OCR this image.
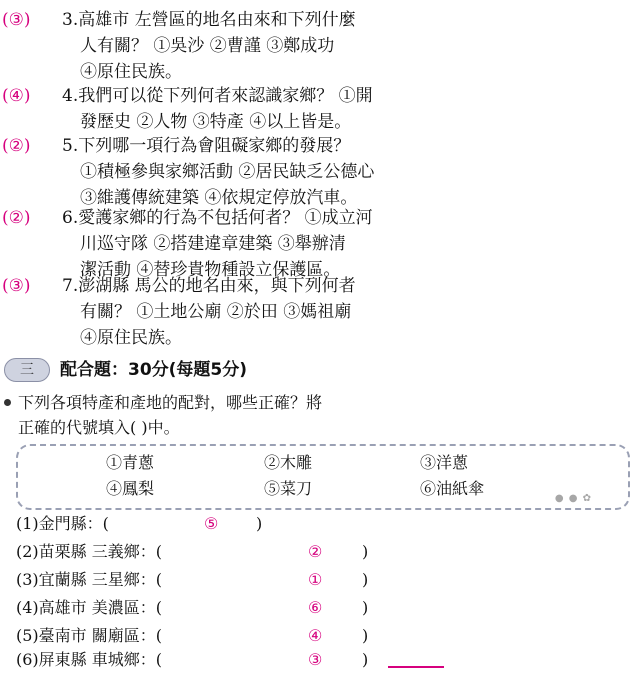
(③) 3.高雄市 左營區的地名由來和下列什麼
人有關？ ①吳沙 ②曹謹 ③鄭成功
④原住民族。
(④) 4.我們可以從下列何者來認識家鄉？ ①開
發歷史 ②人物 ③特產 ④以上皆是。
(②) 5.下列哪一項行為會阻礙家鄉的發展？
①積極參與家鄉活動 ②居民缺乏公德心
③維護傳統建築 ④依規定停放汽車。
(②) 6.愛護家鄉的行為不包括何者？ ①成立河
川巡守隊 ②搭建違章建築 ③舉辦清
潔活動 ④替珍貴物種設立保護區。
(③) 7.澎湖縣 馬公的地名由來，與下列何者
有關？ ①土地公廟 ②於田 ③媽祖廟
④原住民族。
三	配合題：30分(每題5分)
下列各項特產和產地的配對，哪些正確？將
正確的代號填入( )中。
①青蔥	②木雕	③洋蔥
④鳳梨	⑤菜刀	⑥油紙傘
● ● ✿
(1)金門縣：(	⑤ )
(2)苗栗縣 三義鄉：(	② )
(3)宜蘭縣 三星鄉：(	① )
(4)高雄市 美濃區：(	⑥ )
(5)臺南市 關廟區：(	④ )
(6)屏東縣 車城鄉：(	③ )
